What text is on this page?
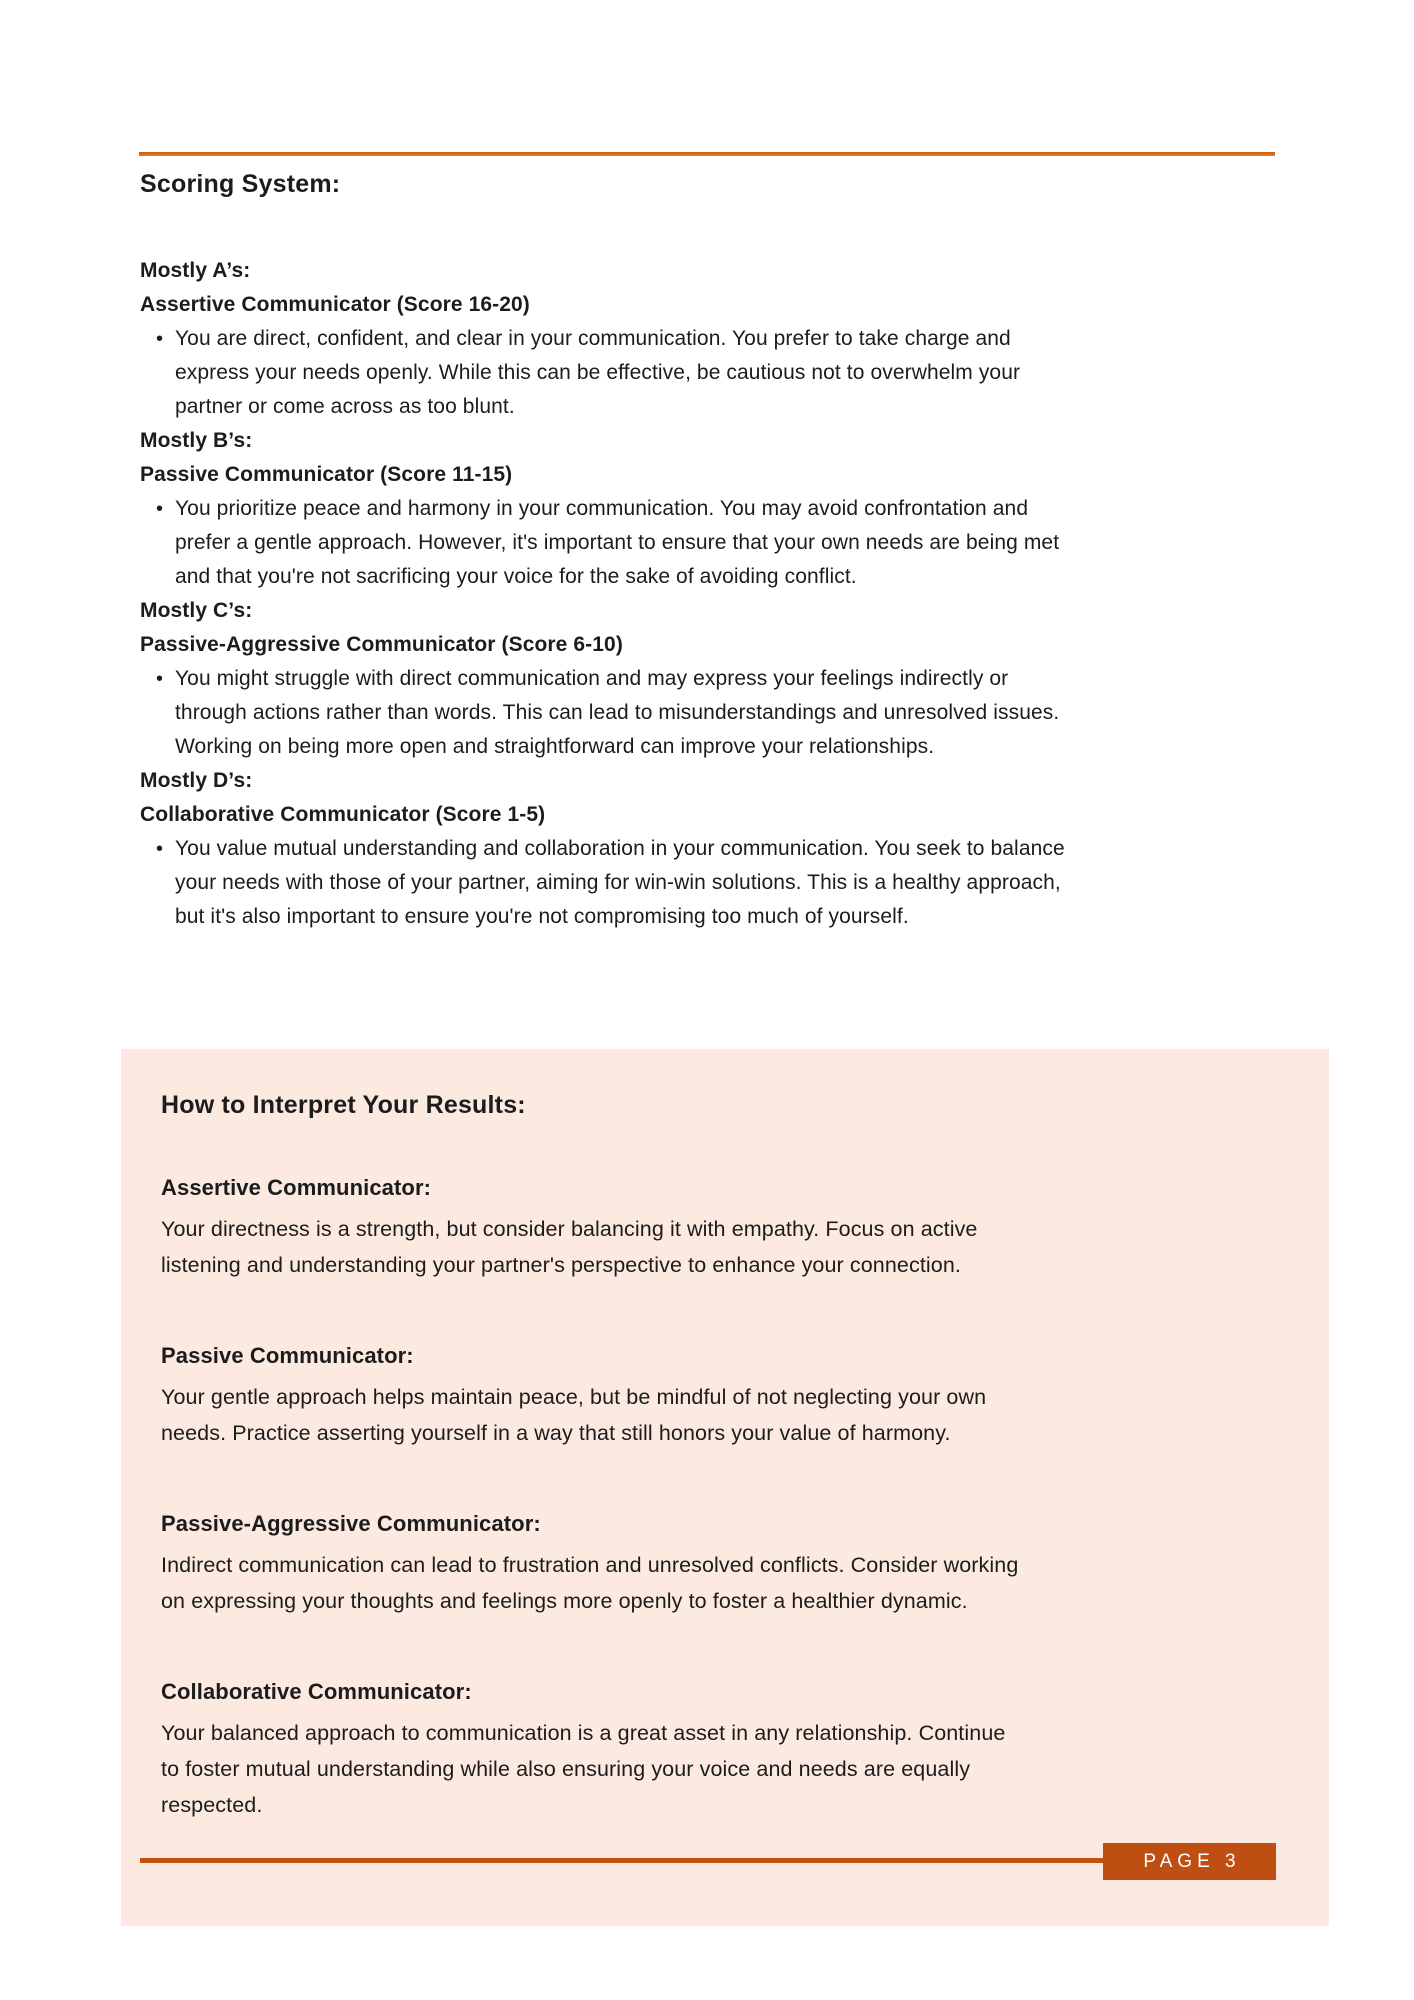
Scoring System:

Mostly A’s:

Assertive Communicator (Score 16-20)

• You are direct, confident, and clear in your communication. You prefer to take charge and
express your needs openly. While this can be effective, be cautious not to overwhelm your
partner or come across as too blunt.

Mostly B’s:

Passive Communicator (Score 11-15)

• You prioritize peace and harmony in your communication. You may avoid confrontation and
prefer a gentle approach. However, it's important to ensure that your own needs are being met
and that you're not sacrificing your voice for the sake of avoiding conflict.

Mostly C’s:

Passive-Aggressive Communicator (Score 6-10)

• You might struggle with direct communication and may express your feelings indirectly or
through actions rather than words. This can lead to misunderstandings and unresolved issues.
Working on being more open and straightforward can improve your relationships.

Mostly D’s:

Collaborative Communicator (Score 1-5)

• You value mutual understanding and collaboration in your communication. You seek to balance
your needs with those of your partner, aiming for win-win solutions. This is a healthy approach,
but it's also important to ensure you're not compromising too much of yourself.
How to Interpret Your Results:
Assertive Communicator:

Your directness is a strength, but consider balancing it with empathy. Focus on active
listening and understanding your partner's perspective to enhance your connection.

Passive Communicator:

Your gentle approach helps maintain peace, but be mindful of not neglecting your own
needs. Practice asserting yourself in a way that still honors your value of harmony.

Passive-Aggressive Communicator:

Indirect communication can lead to frustration and unresolved conflicts. Consider working
on expressing your thoughts and feelings more openly to foster a healthier dynamic.

Collaborative Communicator:

Your balanced approach to communication is a great asset in any relationship. Continue
to foster mutual understanding while also ensuring your voice and needs are equally
respected.

PAGE 3
